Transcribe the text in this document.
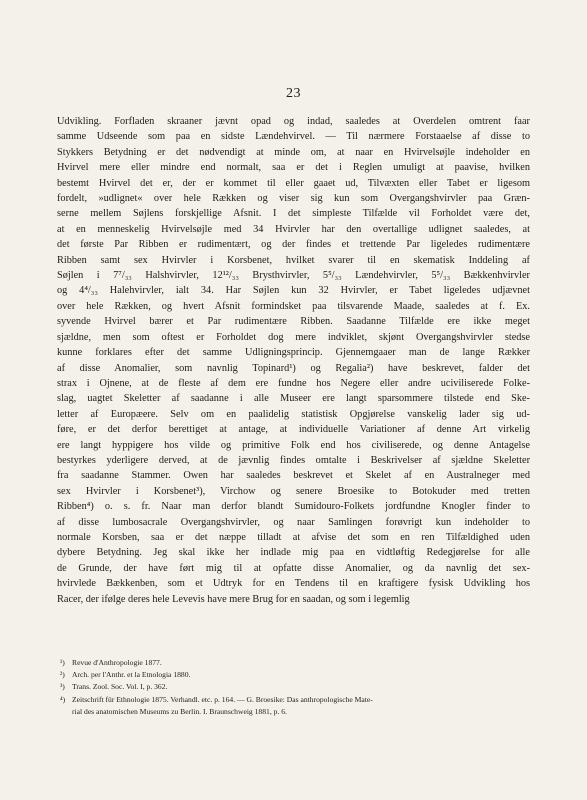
23
Udvikling. Forfladen skraaner jævnt opad og indad, saaledes at Overdelen omtrent faar
samme Udseende som paa en sidste Lændehvirvel. — Til nærmere Forstaaelse af disse to
Stykkers Betydning er det nødvendigt at minde om, at naar en Hvirvelsøjle indeholder en
Hvirvel mere eller mindre end normalt, saa er det i Reglen umuligt at paavise, hvilken
bestemt Hvirvel det er, der er kommet til eller gaaet ud, Tilvæxten eller Tabet er ligesom
fordelt, »udlignet« over hele Rækken og viser sig kun som Overgangshvirvler paa Græn-
serne mellem Søjlens forskjellige Afsnit. I det simpleste Tilfælde vil Forholdet være det,
at en menneskelig Hvirvelsøjle med 34 Hvirvler har den overtallige udlignet saaledes, at
det første Par Ribben er rudimentært, og der findes et trettende Par ligeledes rudimentære
Ribben samt sex Hvirvler i Korsbenet, hvilket svarer til en skematisk Inddeling af
Søjlen i 7⁷/₃₃ Halshvirvler, 12¹²/₃₃ Brysthvirvler, 5⁵/₃₃ Lændehvirvler, 5⁵/₃₃ Bækkenhvirvler
og 4⁴/₃₃ Halehvirvler, ialt 34. Har Søjlen kun 32 Hvirvler, er Tabet ligeledes udjævnet
over hele Rækken, og hvert Afsnit formindsket paa tilsvarende Maade, saaledes at f. Ex.
syvende Hvirvel bærer et Par rudimentære Ribben. Saadanne Tilfælde ere ikke meget
sjældne, men som oftest er Forholdet dog mere indviklet, skjønt Overgangshvirvler stedse
kunne forklares efter det samme Udligningsprincip. Gjennemgaaer man de lange Rækker
af disse Anomalier, som navnlig Topinard¹) og Regalia²) have beskrevet, falder det
strax i Ojnene, at de fleste af dem ere fundne hos Negere eller andre uciviliserede Folke-
slag, uagtet Skeletter af saadanne i alle Museer ere langt sparsommere tilstede end Ske-
letter af Europæere. Selv om en paalidelig statistisk Opgjørelse vanskelig lader sig ud-
føre, er det derfor berettiget at antage, at individuelle Variationer af denne Art virkelig
ere langt hyppigere hos vilde og primitive Folk end hos civiliserede, og denne Antagelse
bestyrkes yderligere derved, at de jævnlig findes omtalte i Beskrivelser af sjældne Skeletter
fra saadanne Stammer. Owen har saaledes beskrevet et Skelet af en Australneger med
sex Hvirvler i Korsbenet³), Virchow og senere Broesike to Botokuder med tretten
Ribben⁴) o. s. fr. Naar man derfor blandt Sumidouro-Folkets jordfundne Knogler finder to
af disse lumbosacrale Overgangshvirvler, og naar Samlingen forøvrigt kun indeholder to
normale Korsben, saa er det næppe tilladt at afvise det som en ren Tilfældighed uden
dybere Betydning. Jeg skal ikke her indlade mig paa en vidtløftig Redegjørelse for alle
de Grunde, der have ført mig til at opfatte disse Anomalier, og da navnlig det sex-
hvirvlede Bækkenben, som et Udtryk for en Tendens til en kraftigere fysisk Udvikling hos
Racer, der ifølge deres hele Levevis have mere Brug for en saadan, og som i legemlig
¹) Revue d'Anthropologie 1877.
²) Arch. per l'Anthr. et la Etnologia 1880.
³) Trans. Zool. Soc. Vol. I, p. 362.
⁴) Zeitschrift für Ethnologie 1875. Verhandl. etc. p. 164. — G. Broesike: Das anthropologische Mate-
rial des anatomischen Museums zu Berlin. I. Braunschweig 1881, p. 6.
